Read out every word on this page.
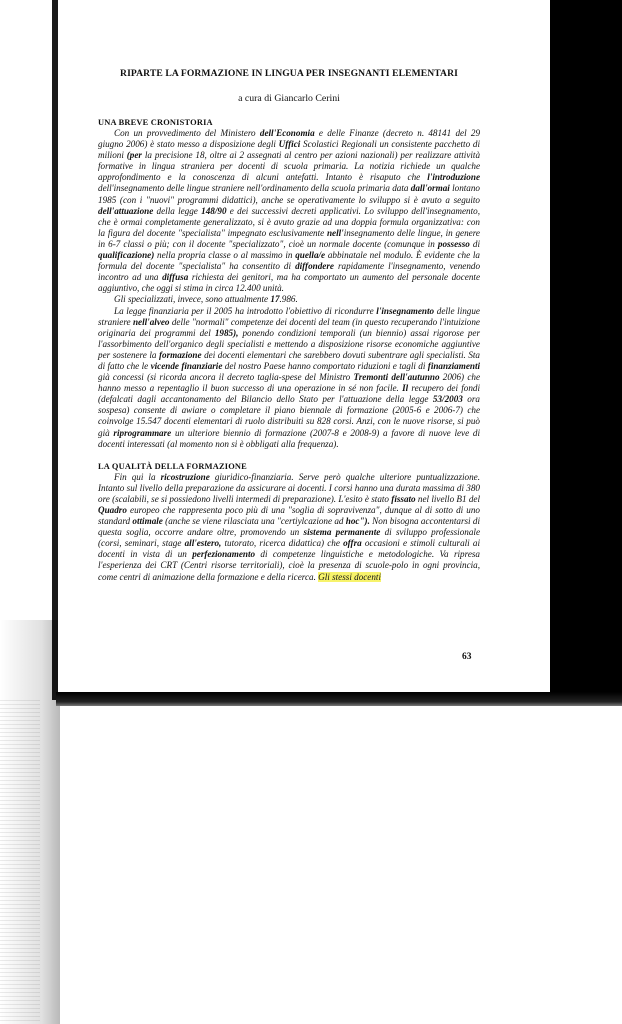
RIPARTE LA FORMAZIONE IN LINGUA PER INSEGNANTI ELEMENTARI
a cura di Giancarlo Cerini
UNA BREVE CRONISTORIA

Con un provvedimento del Ministero dell'Economia e delle Finanze (decreto n. 48141 del 29 giugno 2006) è stato messo a disposizione degli Uffici Scolastici Regionali un consistente pacchetto di milioni (per la precisione 18, oltre ai 2 assegnati al centro per azioni nazionali) per realizzare attività formative in lingua straniera per docenti di scuola primaria. La notizia richiede un qualche approfondimento e la conoscenza di alcuni antefatti. Intanto è risaputo che l'introduzione dell'insegnamento delle lingue straniere nell'ordinamento della scuola primaria data dall'ormai lontano 1985 (con i "nuovi" programmi didattici), anche se operativamente lo sviluppo si è avuto a seguito dell'attuazione della legge 148/90 e dei successivi decreti applicativi. Lo sviluppo dell'insegnamento, che è ormai completamente generalizzato, si è avuto grazie ad una doppia formula organizzativa: con la figura del docente "specialista" impegnato esclusivamente nell'insegnamento delle lingue, in genere in 6-7 classi o più; con il docente "specializzato", cioè un normale docente (comunque in possesso di qualificazione) nella propria classe o al massimo in quella/e abbinatale nel modulo. È evidente che la formula del docente "specialista" ha consentito di diffondere rapidamente l'insegnamento, venendo incontro ad una diffusa richiesta dei genitori, ma ha comportato un aumento del personale docente aggiuntivo, che oggi si stima in circa 12.400 unità.

Gli specializzati, invece, sono attualmente 17.986.

La legge finanziaria per il 2005 ha introdotto l'obiettivo di ricondurre l'insegnamento delle lingue straniere nell'alveo delle "normali" competenze dei docenti del team (in questo recuperando l'intuizione originaria dei programmi del 1985), ponendo condizioni temporali (un biennio) assai rigorose per l'assorbimento dell'organico degli specialisti e mettendo a disposizione risorse economiche aggiuntive per sostenere la formazione dei docenti elementari che sarebbero dovuti subentrare agli specialisti. Sta di fatto che le vicende finanziarie del nostro Paese hanno comportato riduzioni e tagli di finanziamenti già concessi (si ricorda ancora il decreto taglia-spese del Ministro Tremonti dell'autunno 2006) che hanno messo a repentaglio il buon successo di una operazione in sé non facile. Il recupero dei fondi (defalcati dagli accantonamento del Bilancio dello Stato per l'attuazione della legge 53/2003 ora sospesa) consente di awiare o completare il piano biennale di formazione (2005-6 e 2006-7) che coinvolge 15.547 docenti elementari di ruolo distribuiti su 828 corsi. Anzi, con le nuove risorse, si può già riprogrammare un ulteriore biennio di formazione (2007-8 e 2008-9) a favore di nuove leve di docenti interessati (al momento non si è obbligati alla frequenza).

LA QUALITÀ DELLA FORMAZIONE

Fin qui la ricostruzione giuridico-finanziaria. Serve però qualche ulteriore puntualizzazione. Intanto sul livello della preparazione da assicurare ai docenti. I corsi hanno una durata massima di 380 ore (scalabili, se si possiedono livelli intermedi di preparazione). L'esito è stato fissato nel livello B1 del Quadro europeo che rappresenta poco più di una "soglia di sopravivenza", dunque al di sotto di uno standard ottimale (anche se viene rilasciata una "certiylcazione ad hoc"). Non bisogna accontentarsi di questa soglia, occorre andare oltre, promovendo un sistema permanente di sviluppo professionale (corsi, seminari, stage all'estero, tutorato, ricerca didattica) che offra occasioni e stimoli culturali ai docenti in vista di un perfezionamento di competenze linguistiche e metodologiche. Va ripresa l'esperienza dei CRT (Centri risorse territoriali), cioè la presenza di scuole-polo in ogni provincia, come centri di animazione della formazione e della ricerca. Gli stessi docenti

63
